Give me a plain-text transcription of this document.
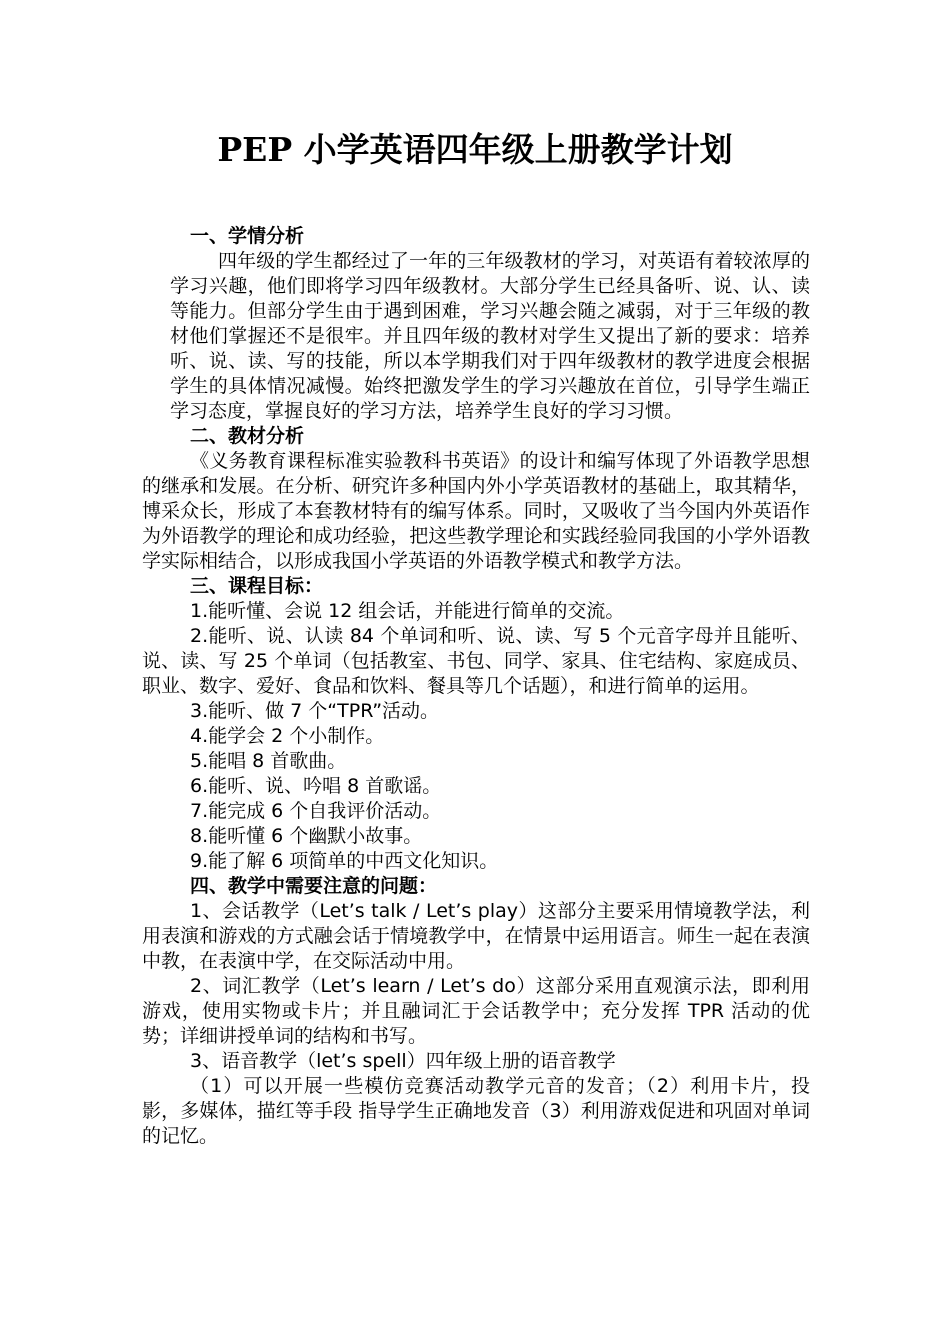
PEP 小学英语四年级上册教学计划

一、学情分析

四年级的学生都经过了一年的三年级教材的学习，对英语有着较浓厚的学习兴趣，他们即将学习四年级教材。大部分学生已经具备听、说、认、读等能力。但部分学生由于遇到困难，学习兴趣会随之减弱，对于三年级的教材他们掌握还不是很牢。并且四年级的教材对学生又提出了新的要求：培养听、说、读、写的技能，所以本学期我们对于四年级教材的教学进度会根据学生的具体情况减慢。始终把激发学生的学习兴趣放在首位，引导学生端正学习态度，掌握良好的学习方法，培养学生良好的学习习惯。

二、教材分析

《义务教育课程标准实验教科书英语》的设计和编写体现了外语教学思想的继承和发展。在分析、研究许多种国内外小学英语教材的基础上，取其精华，博采众长，形成了本套教材特有的编写体系。同时，又吸收了当今国内外英语作为外语教学的理论和成功经验，把这些教学理论和实践经验同我国的小学外语教学实际相结合，以形成我国小学英语的外语教学模式和教学方法。

三、课程目标：

1.能听懂、会说 12 组会话，并能进行简单的交流。

2.能听、说、认读 84 个单词和听、说、读、写 5 个元音字母并且能听、说、读、写 25 个单词（包括教室、书包、同学、家具、住宅结构、家庭成员、职业、数字、爱好、食品和饮料、餐具等几个话题），和进行简单的运用。

3.能听、做 7 个“TPR”活动。

4.能学会 2 个小制作。

5.能唱 8 首歌曲。

6.能听、说、吟唱 8 首歌谣。

7.能完成 6 个自我评价活动。

8.能听懂 6 个幽默小故事。

9.能了解 6 项简单的中西文化知识。

四、教学中需要注意的问题：

1、会话教学（Let’s talk / Let’s play）这部分主要采用情境教学法，利用表演和游戏的方式融会话于情境教学中，在情景中运用语言。师生一起在表演中教，在表演中学，在交际活动中用。

2、词汇教学（Let’s learn / Let’s do）这部分采用直观演示法，即利用游戏，使用实物或卡片；并且融词汇于会话教学中；充分发挥 TPR 活动的优势；详细讲授单词的结构和书写。

3、语音教学（let’s spell）四年级上册的语音教学

（1）可以开展一些模仿竞赛活动教学元音的发音；（2）利用卡片，投影，多媒体，描红等手段 指导学生正确地发音（3）利用游戏促进和巩固对单词的记忆。
